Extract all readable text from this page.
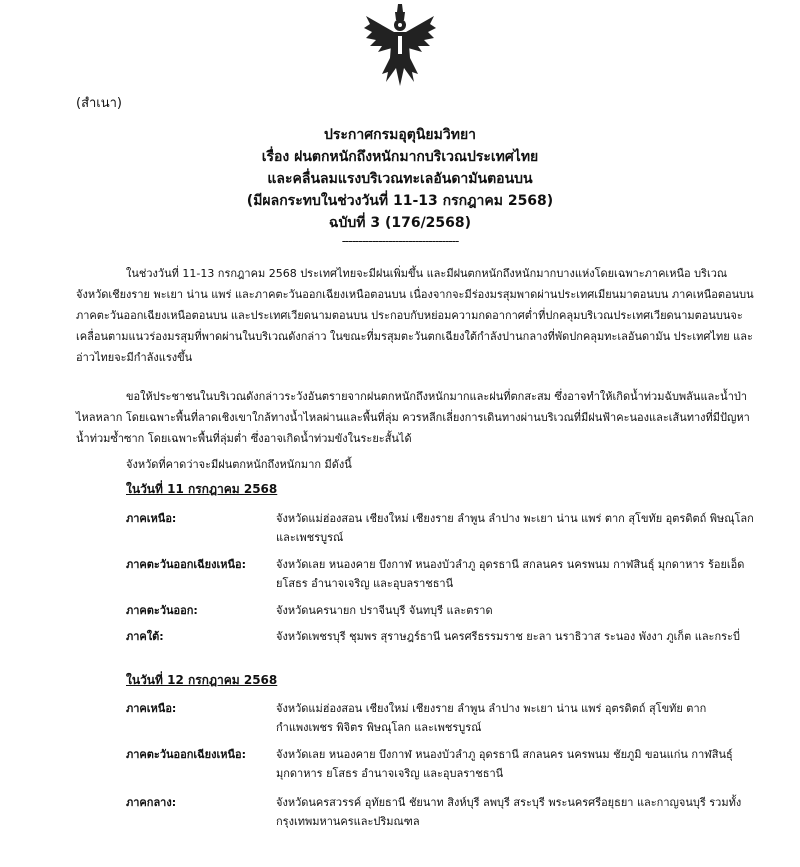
(สำเนา)
ประกาศกรมอุตุนิยมวิทยา
เรื่อง ฝนตกหนักถึงหนักมากบริเวณประเทศไทย
และคลื่นลมแรงบริเวณทะเลอันดามันตอนบน
(มีผลกระทบในช่วงวันที่ 11-13 กรกฎาคม 2568)
ฉบับที่ 3 (176/2568)
-----------------------------------
ในช่วงวันที่ 11-13 กรกฎาคม 2568 ประเทศไทยจะมีฝนเพิ่มขึ้น และมีฝนตกหนักถึงหนักมากบางแห่งโดยเฉพาะภาคเหนือ บริเวณจังหวัดเชียงราย พะเยา น่าน แพร่ และภาคตะวันออกเฉียงเหนือตอนบน เนื่องจากจะมีร่องมรสุมพาดผ่านประเทศเมียนมาตอนบน ภาคเหนือตอนบน ภาคตะวันออกเฉียงเหนือตอนบน และประเทศเวียดนามตอนบน ประกอบกับหย่อมความกดอากาศต่ำที่ปกคลุมบริเวณประเทศเวียดนามตอนบนจะเคลื่อนตามแนวร่องมรสุมที่พาดผ่านในบริเวณดังกล่าว ในขณะที่มรสุมตะวันตกเฉียงใต้กำลังปานกลางที่พัดปกคลุมทะเลอันดามัน ประเทศไทย และอ่าวไทยจะมีกำลังแรงขึ้น
ขอให้ประชาชนในบริเวณดังกล่าวระวังอันตรายจากฝนตกหนักถึงหนักมากและฝนที่ตกสะสม ซึ่งอาจทำให้เกิดน้ำท่วมฉับพลันและน้ำป่าไหลหลาก โดยเฉพาะพื้นที่ลาดเชิงเขาใกล้ทางน้ำไหลผ่านและพื้นที่ลุ่ม ควรหลีกเลี่ยงการเดินทางผ่านบริเวณที่มีฝนฟ้าคะนองและเส้นทางที่มีปัญหาน้ำท่วมซ้ำซาก โดยเฉพาะพื้นที่ลุ่มต่ำ ซึ่งอาจเกิดน้ำท่วมขังในระยะสั้นได้
จังหวัดที่คาดว่าจะมีฝนตกหนักถึงหนักมาก มีดังนี้
ในวันที่ 11 กรกฎาคม 2568
ภาคเหนือ:	จังหวัดแม่ฮ่องสอน เชียงใหม่ เชียงราย ลำพูน ลำปาง พะเยา น่าน แพร่ ตาก สุโขทัย อุตรดิตถ์ พิษณุโลก และเพชรบูรณ์
ภาคตะวันออกเฉียงเหนือ:	จังหวัดเลย หนองคาย บึงกาฬ หนองบัวลำภู อุดรธานี สกลนคร นครพนม กาฬสินธุ์ มุกดาหาร ร้อยเอ็ด ยโสธร อำนาจเจริญ และอุบลราชธานี
ภาคตะวันออก:	จังหวัดนครนายก ปราจีนบุรี จันทบุรี และตราด
ภาคใต้:	จังหวัดเพชรบุรี ชุมพร สุราษฎร์ธานี นครศรีธรรมราช ยะลา นราธิวาส ระนอง พังงา ภูเก็ต และกระบี่
ในวันที่ 12 กรกฎาคม 2568
ภาคเหนือ:	จังหวัดแม่ฮ่องสอน เชียงใหม่ เชียงราย ลำพูน ลำปาง พะเยา น่าน แพร่ อุตรดิตถ์ สุโขทัย ตาก กำแพงเพชร พิจิตร พิษณุโลก และเพชรบูรณ์
ภาคตะวันออกเฉียงเหนือ:	จังหวัดเลย หนองคาย บึงกาฬ หนองบัวลำภู อุดรธานี สกลนคร นครพนม ชัยภูมิ ขอนแก่น กาฬสินธุ์ มุกดาหาร ยโสธร อำนาจเจริญ และอุบลราชธานี
ภาคกลาง:	จังหวัดนครสวรรค์ อุทัยธานี ชัยนาท สิงห์บุรี ลพบุรี สระบุรี พระนครศรีอยุธยา และกาญจนบุรี รวมทั้งกรุงเทพมหานครและปริมณฑล
